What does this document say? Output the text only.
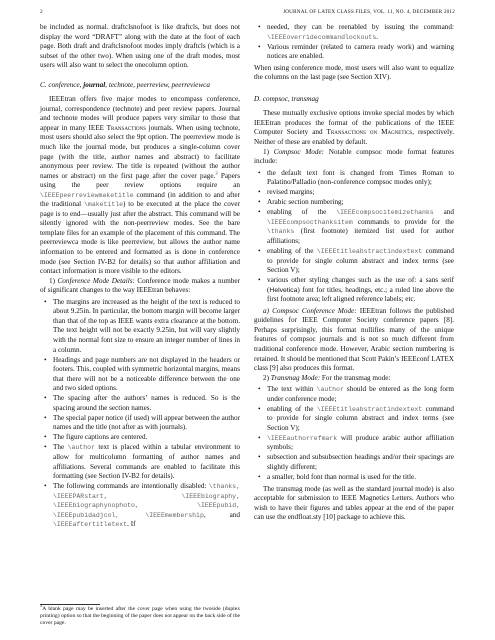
2	JOURNAL OF LATEX CLASS FILES, VOL. 11, NO. 4, DECEMBER 2012

be included as normal. draftclsnofoot is like draftcls, but does not display the word “DRAFT” along with the date at the foot of each page. Both draft and draftclsnofoot modes imply draftcls (which is a subset of the other two). When using one of the draft modes, most users will also want to select the onecolumn option.

C. conference, journal, technote, peerreview, peerreviewca

IEEEtran offers five major modes to encompass conference, journal, correspondence (technote) and peer review papers. Journal and technote modes will produce papers very similar to those that appear in many IEEE Transactions journals. When using technote, most users should also select the 9pt option. The peerreview mode is much like the journal mode, but produces a single-column cover page (with the title, author names and abstract) to facilitate anonymous peer review. The title is repeated (without the author names or abstract) on the first page after the cover page.$^3$ Papers using the peer review options require an \IEEEpeerreviewmaketitle command (in addition to and after the traditional \maketitle) to be executed at the place the cover page is to end—usually just after the abstract. This command will be silently ignored with the non-peerreview modes. See the bare template files for an example of the placement of this command. The peerreviewca mode is like peerreview, but allows the author name information to be entered and formatted as is done in conference mode (see Section IV-B2 for details) so that author affiliation and contact information is more visible to the editors.

1) Conference Mode Details: Conference mode makes a number of significant changes to the way IEEEtran behaves:

• The margins are increased as the height of the text is reduced to about 9.25in. In particular, the bottom margin will become larger than that of the top as IEEE wants extra clearance at the bottom. The text height will not be exactly 9.25in, but will vary slightly with the normal font size to ensure an integer number of lines in a column.
• Headings and page numbers are not displayed in the headers or footers. This, coupled with symmetric horizontal margins, means that there will not be a noticeable difference between the one and two sided options.
• The spacing after the authors’ names is reduced. So is the spacing around the section names.
• The special paper notice (if used) will appear between the author names and the title (not after as with journals).
• The figure captions are centered.
• The \author text is placed within a tabular environment to allow for multicolumn formatting of author names and affiliations. Several commands are enabled to facilitate this formatting (see Section IV-B2 for details).
• The following commands are intentionally disabled: \thanks, \IEEEPARstart, \IEEEbiography, \IEEEbiographynophoto, \IEEEpubid, \IEEEpubidadjcol, \IEEEmembership, and \IEEEaftertitletext. If
$^3$A blank page may be inserted after the cover page when using the twoside (duplex printing) option so that the beginning of the paper does not appear on the back side of the cover page.
• needed, they can be reenabled by issuing the command: \IEEEoverridecommandlockouts.
• Various reminder (related to camera ready work) and warning notices are enabled.

When using conference mode, most users will also want to equalize the columns on the last page (see Section XIV).

D. compsoc, transmag

These mutually exclusive options invoke special modes by which IEEEtran produces the format of the publications of the IEEE Computer Society and Transactions on Magnetics, respectively. Neither of these are enabled by default.

1) Compsoc Mode: Notable compsoc mode format features include:

• the default text font is changed from Times Roman to Palatino/Palladio (non-conference compsoc modes only);
• revised margins;
• Arabic section numbering;
• enabling of the \IEEEcompsocitemizethanks and \IEEEcompsocthanksitem commands to provide for the \thanks (first footnote) itemized list used for author affiliations;
• enabling of the \IEEEtitleabstractindextext command to provide for single column abstract and index terms (see Section V);
• various other styling changes such as the use of: a sans serif (Helvetica) font for titles, headings, etc.; a ruled line above the first footnote area; left aligned reference labels; etc.

a) Compsoc Conference Mode: IEEEtran follows the published guidelines for IEEE Computer Society conference papers [8]. Perhaps surprisingly, this format nullifies many of the unique features of compsoc journals and is not so much different from traditional conference mode. However, Arabic section numbering is retained. It should be mentioned that Scott Pakin’s IEEEconf LATEX class [9] also produces this format.

2) Transmag Mode: For the transmag mode:

• The text within \author should be entered as the long form under conference mode;
• enabling of the \IEEEtitleabstractindextext command to provide for single column abstract and index terms (see Section V);
• \IEEEauthorrefmark will produce arabic author affiliation symbols;
• subsection and subsubsection headings and/or their spacings are slightly different;
• a smaller, bold font than normal is used for the title.

The transmag mode (as well as the standard journal mode) is also acceptable for submission to IEEE Magnetics Letters. Authors who wish to have their figures and tables appear at the end of the paper can use the endfloat.sty [10] package to achieve this.
